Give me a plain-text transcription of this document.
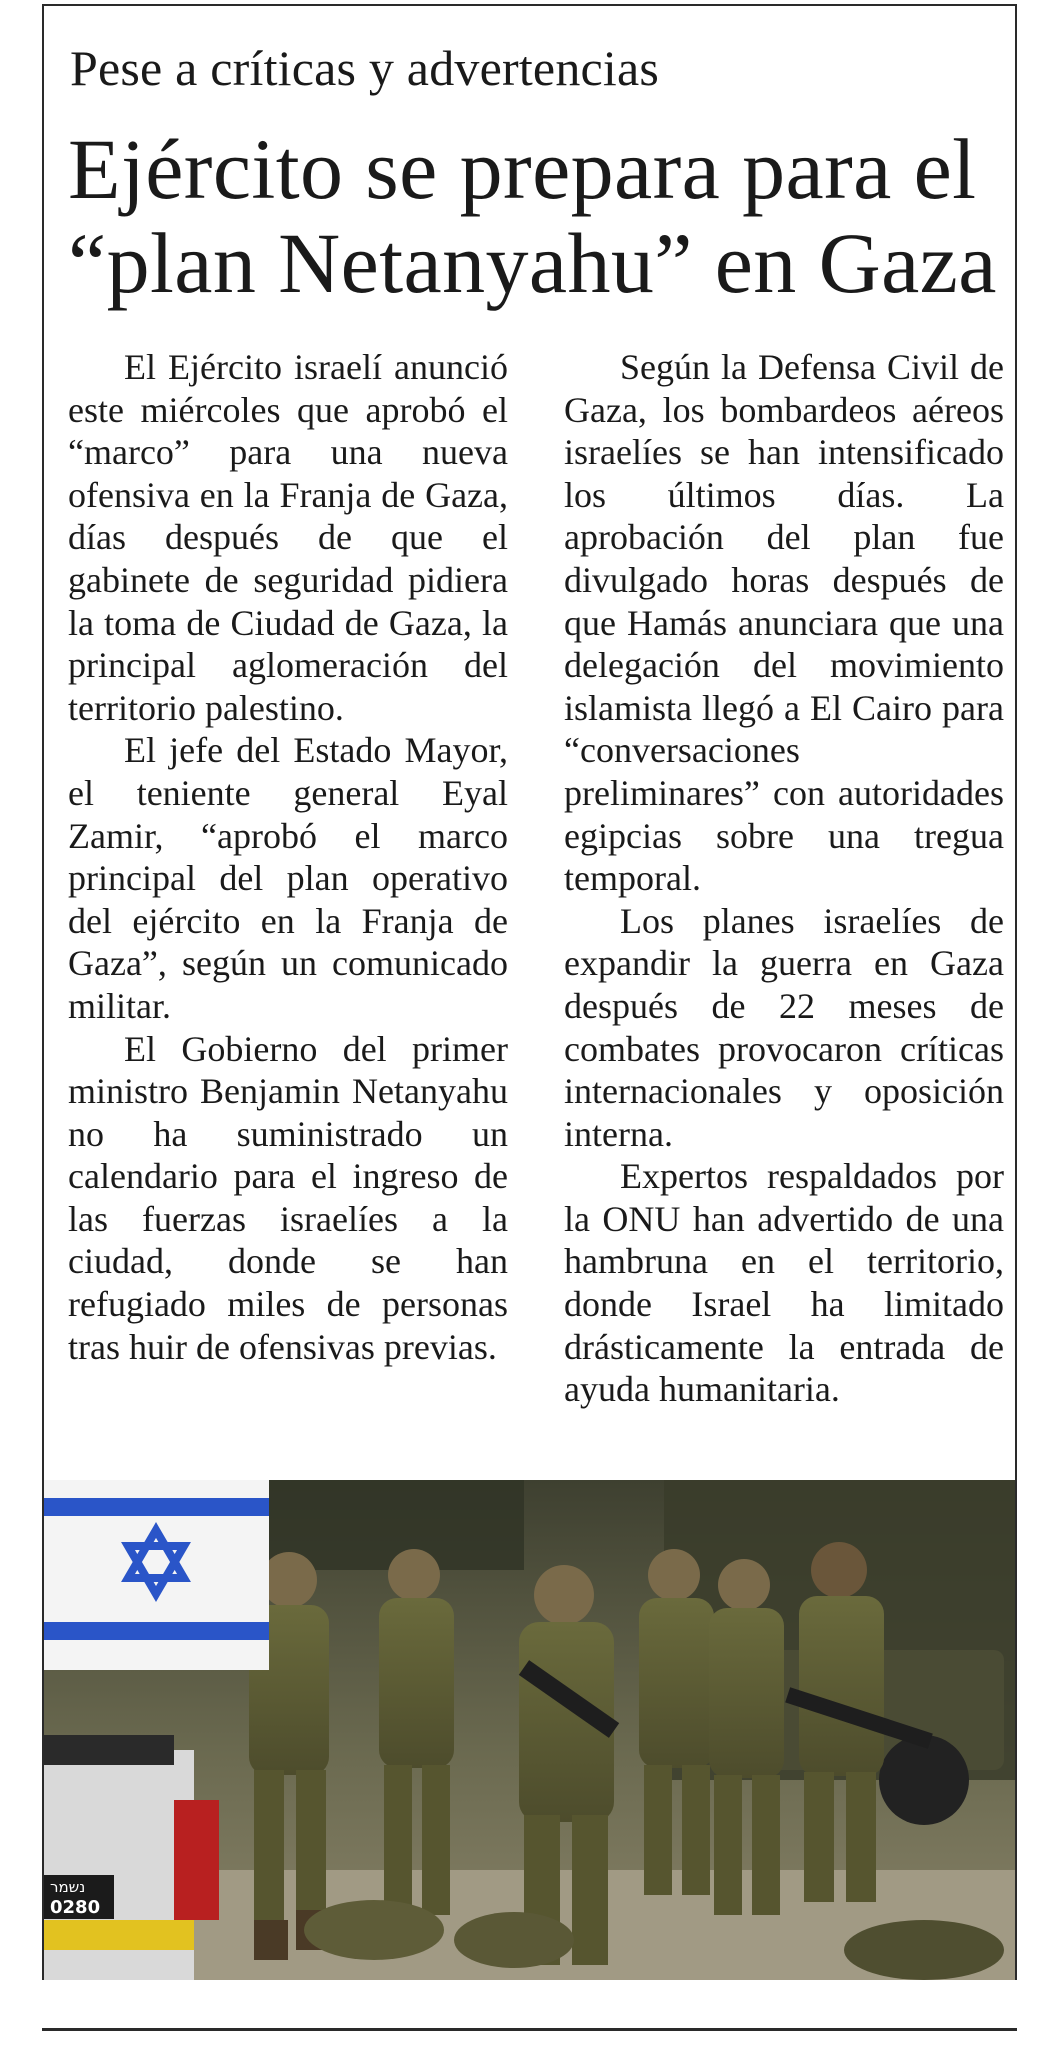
Pese a críticas y advertencias
Ejército se prepara para el “plan Netanyahu” en Gaza

El Ejército israelí anunció este miércoles que aprobó el “marco” para una nueva ofensiva en la Franja de Gaza, días después de que el gabinete de seguridad pidiera la toma de Ciudad de Gaza, la principal aglomeración del territorio palestino.

El jefe del Estado Mayor, el teniente general Eyal Zamir, “aprobó el marco principal del plan operativo del ejército en la Franja de Gaza”, según un comunicado militar.

El Gobierno del primer ministro Benjamin Netanyahu no ha suministrado un calendario para el ingreso de las fuerzas israelíes a la ciudad, donde se han refugiado miles de personas tras huir de ofensivas previas.

Según la Defensa Civil de Gaza, los bombardeos aéreos israelíes se han intensificado los últimos días. La aprobación del plan fue divulgado horas después de que Hamás anunciara que una delegación del movimiento islamista llegó a El Cairo para “conversaciones preliminares” con autoridades egipcias sobre una tregua temporal.

Los planes israelíes de expandir la guerra en Gaza después de 22 meses de combates provocaron críticas internacionales y oposición interna.

Expertos respaldados por la ONU han advertido de una hambruna en el territorio, donde Israel ha limitado drásticamente la entrada de ayuda humanitaria.

נשמר
0280
